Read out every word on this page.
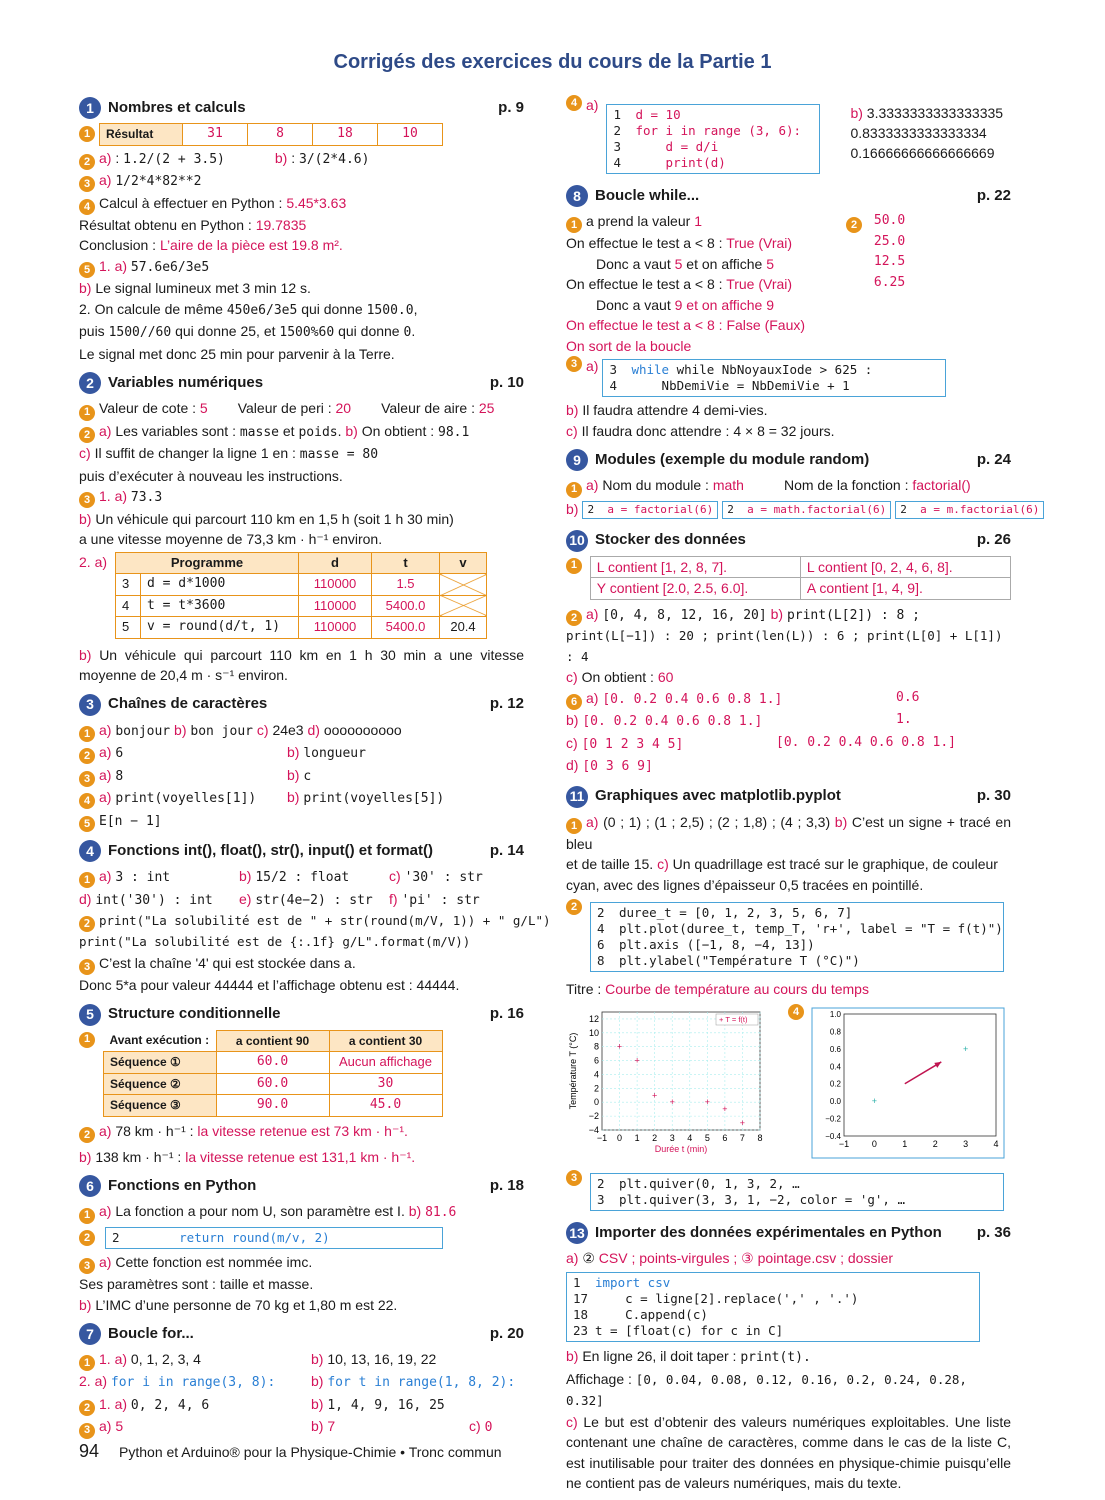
Corrigés des exercices du cours de la Partie 1
1 Nombres et calculs	p. 9
1	Résultat	31	8	18	10
2 a) : 1.2/(2 + 3.5)	b) : 3/(2*4.6)
3 a) 1/2*4*82**2
4 Calcul à effectuer en Python : 5.45*3.63
Résultat obtenu en Python : 19.7835
Conclusion : L’aire de la pièce est 19.8 m².
5 1. a) 57.6e6/3e5
b) Le signal lumineux met 3 min 12 s.
2. On calcule de même 450e6/3e5 qui donne 1500.0,
puis 1500//60 qui donne 25, et 1500%60 qui donne 0.
Le signal met donc 25 min pour parvenir à la Terre.
2 Variables numériques	p. 10
1 Valeur de cote : 5 Valeur de peri : 20 Valeur de aire : 25
2 a) Les variables sont : masse et poids. b) On obtient : 98.1
c) Il suffit de changer la ligne 1 en : masse = 80
puis d’exécuter à nouveau les instructions.
3 1. a) 73.3
b) Un véhicule qui parcourt 110 km en 1,5 h (soit 1 h 30 min)
a une vitesse moyenne de 73,3 km · h⁻¹ environ.
2. a)	Programme		d	t	v
3	d = d*1000	110000	1.5	
4	t = t*3600	110000	5400.0	
5	v = round(d/t, 1)	110000	5400.0	20.4
b) Un véhicule qui parcourt 110 km en 1 h 30 min a une vitesse moyenne de 20,4 m · s⁻¹ environ.
3 Chaînes de caractères	p. 12
1 a) bonjour b) bon jour c) 24e3 d) oooooooooo
2 a) 6	b) longueur
3 a) 8	b) c
4 a) print(voyelles[1])	b) print(voyelles[5])
5 E[n − 1]
4 Fonctions int(), float(), str(), input() et format()	p. 14
1 a) 3 : int	b) 15/2 : float	c) '30' : str
d) int('30') : int	e) str(4e−2) : str	f) 'pi' : str
2 print("La solubilité est de " + str(round(m/V, 1)) + " g/L")
print("La solubilité est de {:.1f} g/L".format(m/V))
3 C’est la chaîne '4' qui est stockée dans a.
Donc 5*a pour valeur 44444 et l’affichage obtenu est : 44444.
5 Structure conditionnelle	p. 16
1	Avant exécution :	a contient 90	a contient 30
Séquence ①	60.0	Aucun affichage
Séquence ②	60.0	30
Séquence ③	90.0	45.0
2 a) 78 km · h⁻¹ : la vitesse retenue est 73 km · h⁻¹.
b) 138 km · h⁻¹ : la vitesse retenue est 131,1 km · h⁻¹.
6 Fonctions en Python	p. 18
1 a) La fonction a pour nom U, son paramètre est I. b) 81.6
2	2	return round(m/v, 2)
3 a) Cette fonction est nommée imc.
Ses paramètres sont : taille et masse.
b) L’IMC d’une personne de 70 kg et 1,80 m est 22.
7 Boucle for...	p. 20
1 1. a) 0, 1, 2, 3, 4	b) 10, 13, 16, 19, 22
2. a) for i in range(3, 8):	b) for t in range(1, 8, 2):
2 1. a) 0, 2, 4, 6	b) 1, 4, 9, 16, 25
3 a) 5	b) 7	c) 0
4 a)
1 d = 10
2 for i in range (3, 6):
3    d = d/i
4    print(d)
b) 3.3333333333333335
0.8333333333333334
0.16666666666666669
8 Boucle while...	p. 22
1 a prend la valeur 1
On effectue le test a < 8 : True (Vrai)
Donc a vaut 5 et on affiche 5
On effectue le test a < 8 : True (Vrai)
Donc a vaut 9 et on affiche 9
On effectue le test a < 8 : False (Faux)
On sort de la boucle
2 50.0
25.0
12.5
6.25
3 a) 3 while while NbNoyauxIode > 625 :
4    NbDemiVie = NbDemiVie + 1
b) Il faudra attendre 4 demi-vies.
c) Il faudra donc attendre : 4 × 8 = 32 jours.
9 Modules (exemple du module random)	p. 24
1 a) Nom du module : math	Nom de la fonction : factorial()
b) 2  a = factorial(6)	2  a = math.factorial(6)	2  a = m.factorial(6)
10 Stocker des données	p. 26
1	L contient [1, 2, 8, 7].	L contient [0, 2, 4, 6, 8].
Y contient [2.0, 2.5, 6.0].	A contient [1, 4, 9].
2 a) [0, 4, 8, 12, 16, 20] b) print(L[2]) : 8 ;
print(L[−1]) : 20 ; print(len(L)) : 6 ; print(L[0] + L[1]) : 4
c) On obtient : 60
6 a) [0. 0.2 0.4 0.6 0.8 1.]	0.6
b) [0. 0.2 0.4 0.6 0.8 1.]	1.
c) [0 1 2 3 4 5]	[0. 0.2 0.4 0.6 0.8 1.]
d) [0 3 6 9]
11 Graphiques avec matplotlib.pyplot	p. 30
1 a) (0 ; 1) ; (1 ; 2,5) ; (2 ; 1,8) ; (4 ; 3,3) b) C’est un signe + tracé en bleu
et de taille 15. c) Un quadrillage est tracé sur le graphique, de couleur
cyan, avec des lignes d’épaisseur 0,5 tracées en pointillé.
2	2 duree_t = [0, 1, 2, 3, 5, 6, 7]
4 plt.plot(duree_t, temp_T, 'r+', label = "T = f(t)")
6 plt.axis ([−1, 8, −4, 13])
8 plt.ylabel("Température T (°C)")
Titre : Courbe de température au cours du temps
−1 0 1 2 3 4 5 6 7 8
12
10
8
6
4
2
0
−2
−4
+
+
+
+	+
+
+
Durée t (min)
Température T (°C)
+ T = f(t)
4
−1	0	1	2	3	4
1.0
0.8
0.6
0.4
0.2
0.0
−0.2
−0.4
+
+
3	2 plt.quiver(0, 1, 3, 2, …
3 plt.quiver(3, 3, 1, −2, color = 'g', …
13 Importer des données expérimentales en Python p. 36
a) ② CSV ; points-virgules ; ③ pointage.csv ; dossier
1 import csv
17    c = ligne[2].replace(',' , '.')
18    C.append(c)
23 t = [float(c) for c in C]
b) En ligne 26, il doit taper : print(t).
Affichage : [0, 0.04, 0.08, 0.12, 0.16, 0.2, 0.24, 0.28, 0.32]
c) Le but est d’obtenir des valeurs numériques exploitables. Une liste contenant une chaîne de caractères, comme dans le cas de la liste C, est inutilisable pour traiter des données en physique-chimie puisqu’elle ne contient pas de valeurs numériques, mais du texte.
94 Python et Arduino® pour la Physique-Chimie • Tronc commun
